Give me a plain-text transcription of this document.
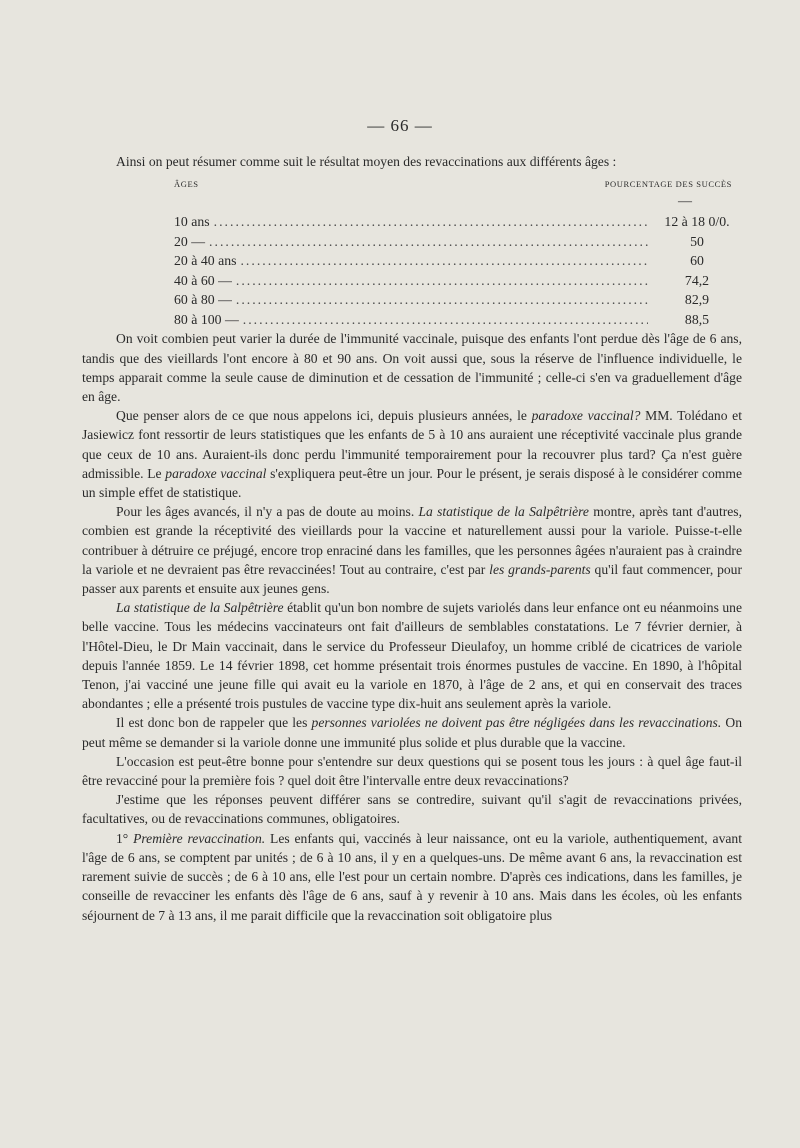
— 66 —

Ainsi on peut résumer comme suit le résultat moyen des revaccinations aux différents âges :

ÂGES	POURCENTAGE DES SUCCÈS
—
10 ans .....	12 à 18 0/0.
20 — .....	50
20 à 40 ans .....	60
40 à 60 — .....	74,2
60 à 80 — .....	82,9
80 à 100 — .....	88,5

On voit combien peut varier la durée de l'immunité vaccinale, puisque des enfants l'ont perdue dès l'âge de 6 ans, tandis que des vieillards l'ont encore à 80 et 90 ans. On voit aussi que, sous la réserve de l'influence individuelle, le temps apparait comme la seule cause de diminution et de cessation de l'immunité ; celle-ci s'en va graduellement d'âge en âge.

Que penser alors de ce que nous appelons ici, depuis plusieurs années, le paradoxe vaccinal? MM. Tolédano et Jasiewicz font ressortir de leurs statistiques que les enfants de 5 à 10 ans auraient une réceptivité vaccinale plus grande que ceux de 10 ans. Auraient-ils donc perdu l'immunité temporairement pour la recouvrer plus tard? Ça n'est guère admissible. Le paradoxe vaccinal s'expliquera peut-être un jour. Pour le présent, je serais disposé à le considérer comme un simple effet de statistique.

Pour les âges avancés, il n'y a pas de doute au moins. La statistique de la Salpêtrière montre, après tant d'autres, combien est grande la réceptivité des vieillards pour la vaccine et naturellement aussi pour la variole. Puisse-t-elle contribuer à détruire ce préjugé, encore trop enraciné dans les familles, que les personnes âgées n'auraient pas à craindre la variole et ne devraient pas être revaccinées! Tout au contraire, c'est par les grands-parents qu'il faut commencer, pour passer aux parents et ensuite aux jeunes gens.

La statistique de la Salpêtrière établit qu'un bon nombre de sujets variolés dans leur enfance ont eu néanmoins une belle vaccine. Tous les médecins vaccinateurs ont fait d'ailleurs de semblables constatations. Le 7 février dernier, à l'Hôtel-Dieu, le Dr Main vaccinait, dans le service du Professeur Dieulafoy, un homme criblé de cicatrices de variole depuis l'année 1859. Le 14 février 1898, cet homme présentait trois énormes pustules de vaccine. En 1890, à l'hôpital Tenon, j'ai vacciné une jeune fille qui avait eu la variole en 1870, à l'âge de 2 ans, et qui en conservait des traces abondantes ; elle a présenté trois pustules de vaccine type dix-huit ans seulement après la variole.

Il est donc bon de rappeler que les personnes variolées ne doivent pas être négligées dans les revaccinations. On peut même se demander si la variole donne une immunité plus solide et plus durable que la vaccine.

L'occasion est peut-être bonne pour s'entendre sur deux questions qui se posent tous les jours : à quel âge faut-il être revacciné pour la première fois ? quel doit être l'intervalle entre deux revaccinations?

J'estime que les réponses peuvent différer sans se contredire, suivant qu'il s'agit de revaccinations privées, facultatives, ou de revaccinations communes, obligatoires.

1° Première revaccination. Les enfants qui, vaccinés à leur naissance, ont eu la variole, authentiquement, avant l'âge de 6 ans, se comptent par unités ; de 6 à 10 ans, il y en a quelques-uns. De même avant 6 ans, la revaccination est rarement suivie de succès ; de 6 à 10 ans, elle l'est pour un certain nombre. D'après ces indications, dans les familles, je conseille de revacciner les enfants dès l'âge de 6 ans, sauf à y revenir à 10 ans. Mais dans les écoles, où les enfants séjournent de 7 à 13 ans, il me parait difficile que la revaccination soit obligatoire plus
